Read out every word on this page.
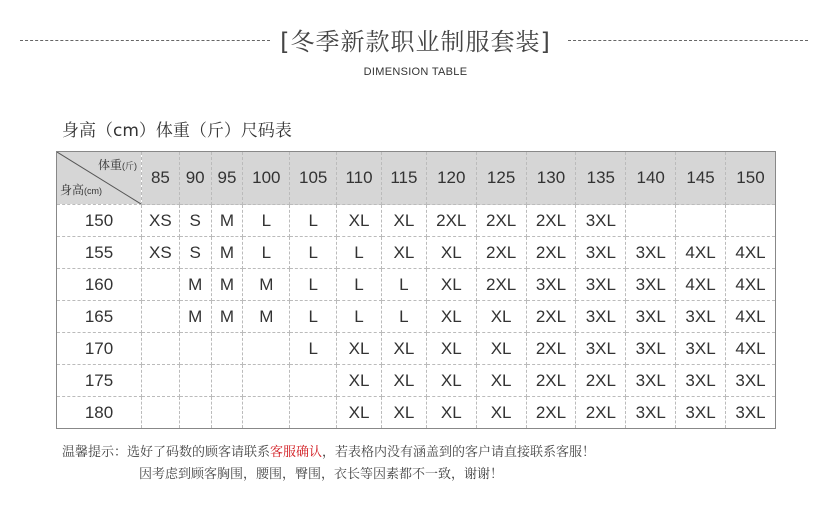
[冬季新款职业制服套装]
DIMENSION TABLE
身高（cm）体重（斤）尺码表
体重(斤)
身高(cm)	85	90	95	100	105	110	115	120	125	130	135	140	145	150
150	XS	S	M	L	L	XL	XL	2XL	2XL	2XL	3XL			
155	XS	S	M	L	L	L	XL	XL	2XL	2XL	3XL	3XL	4XL	4XL
160		M	M	M	L	L	L	XL	2XL	3XL	3XL	3XL	4XL	4XL
165		M	M	M	L	L	L	XL	XL	2XL	3XL	3XL	3XL	4XL
170					L	XL	XL	XL	XL	2XL	3XL	3XL	3XL	4XL
175						XL	XL	XL	XL	2XL	2XL	3XL	3XL	3XL
180						XL	XL	XL	XL	2XL	2XL	3XL	3XL	3XL
温馨提示：选好了码数的顾客请联系客服确认，若表格内没有涵盖到的客户请直接联系客服！
因考虑到顾客胸围，腰围，臀围，衣长等因素都不一致，谢谢！
